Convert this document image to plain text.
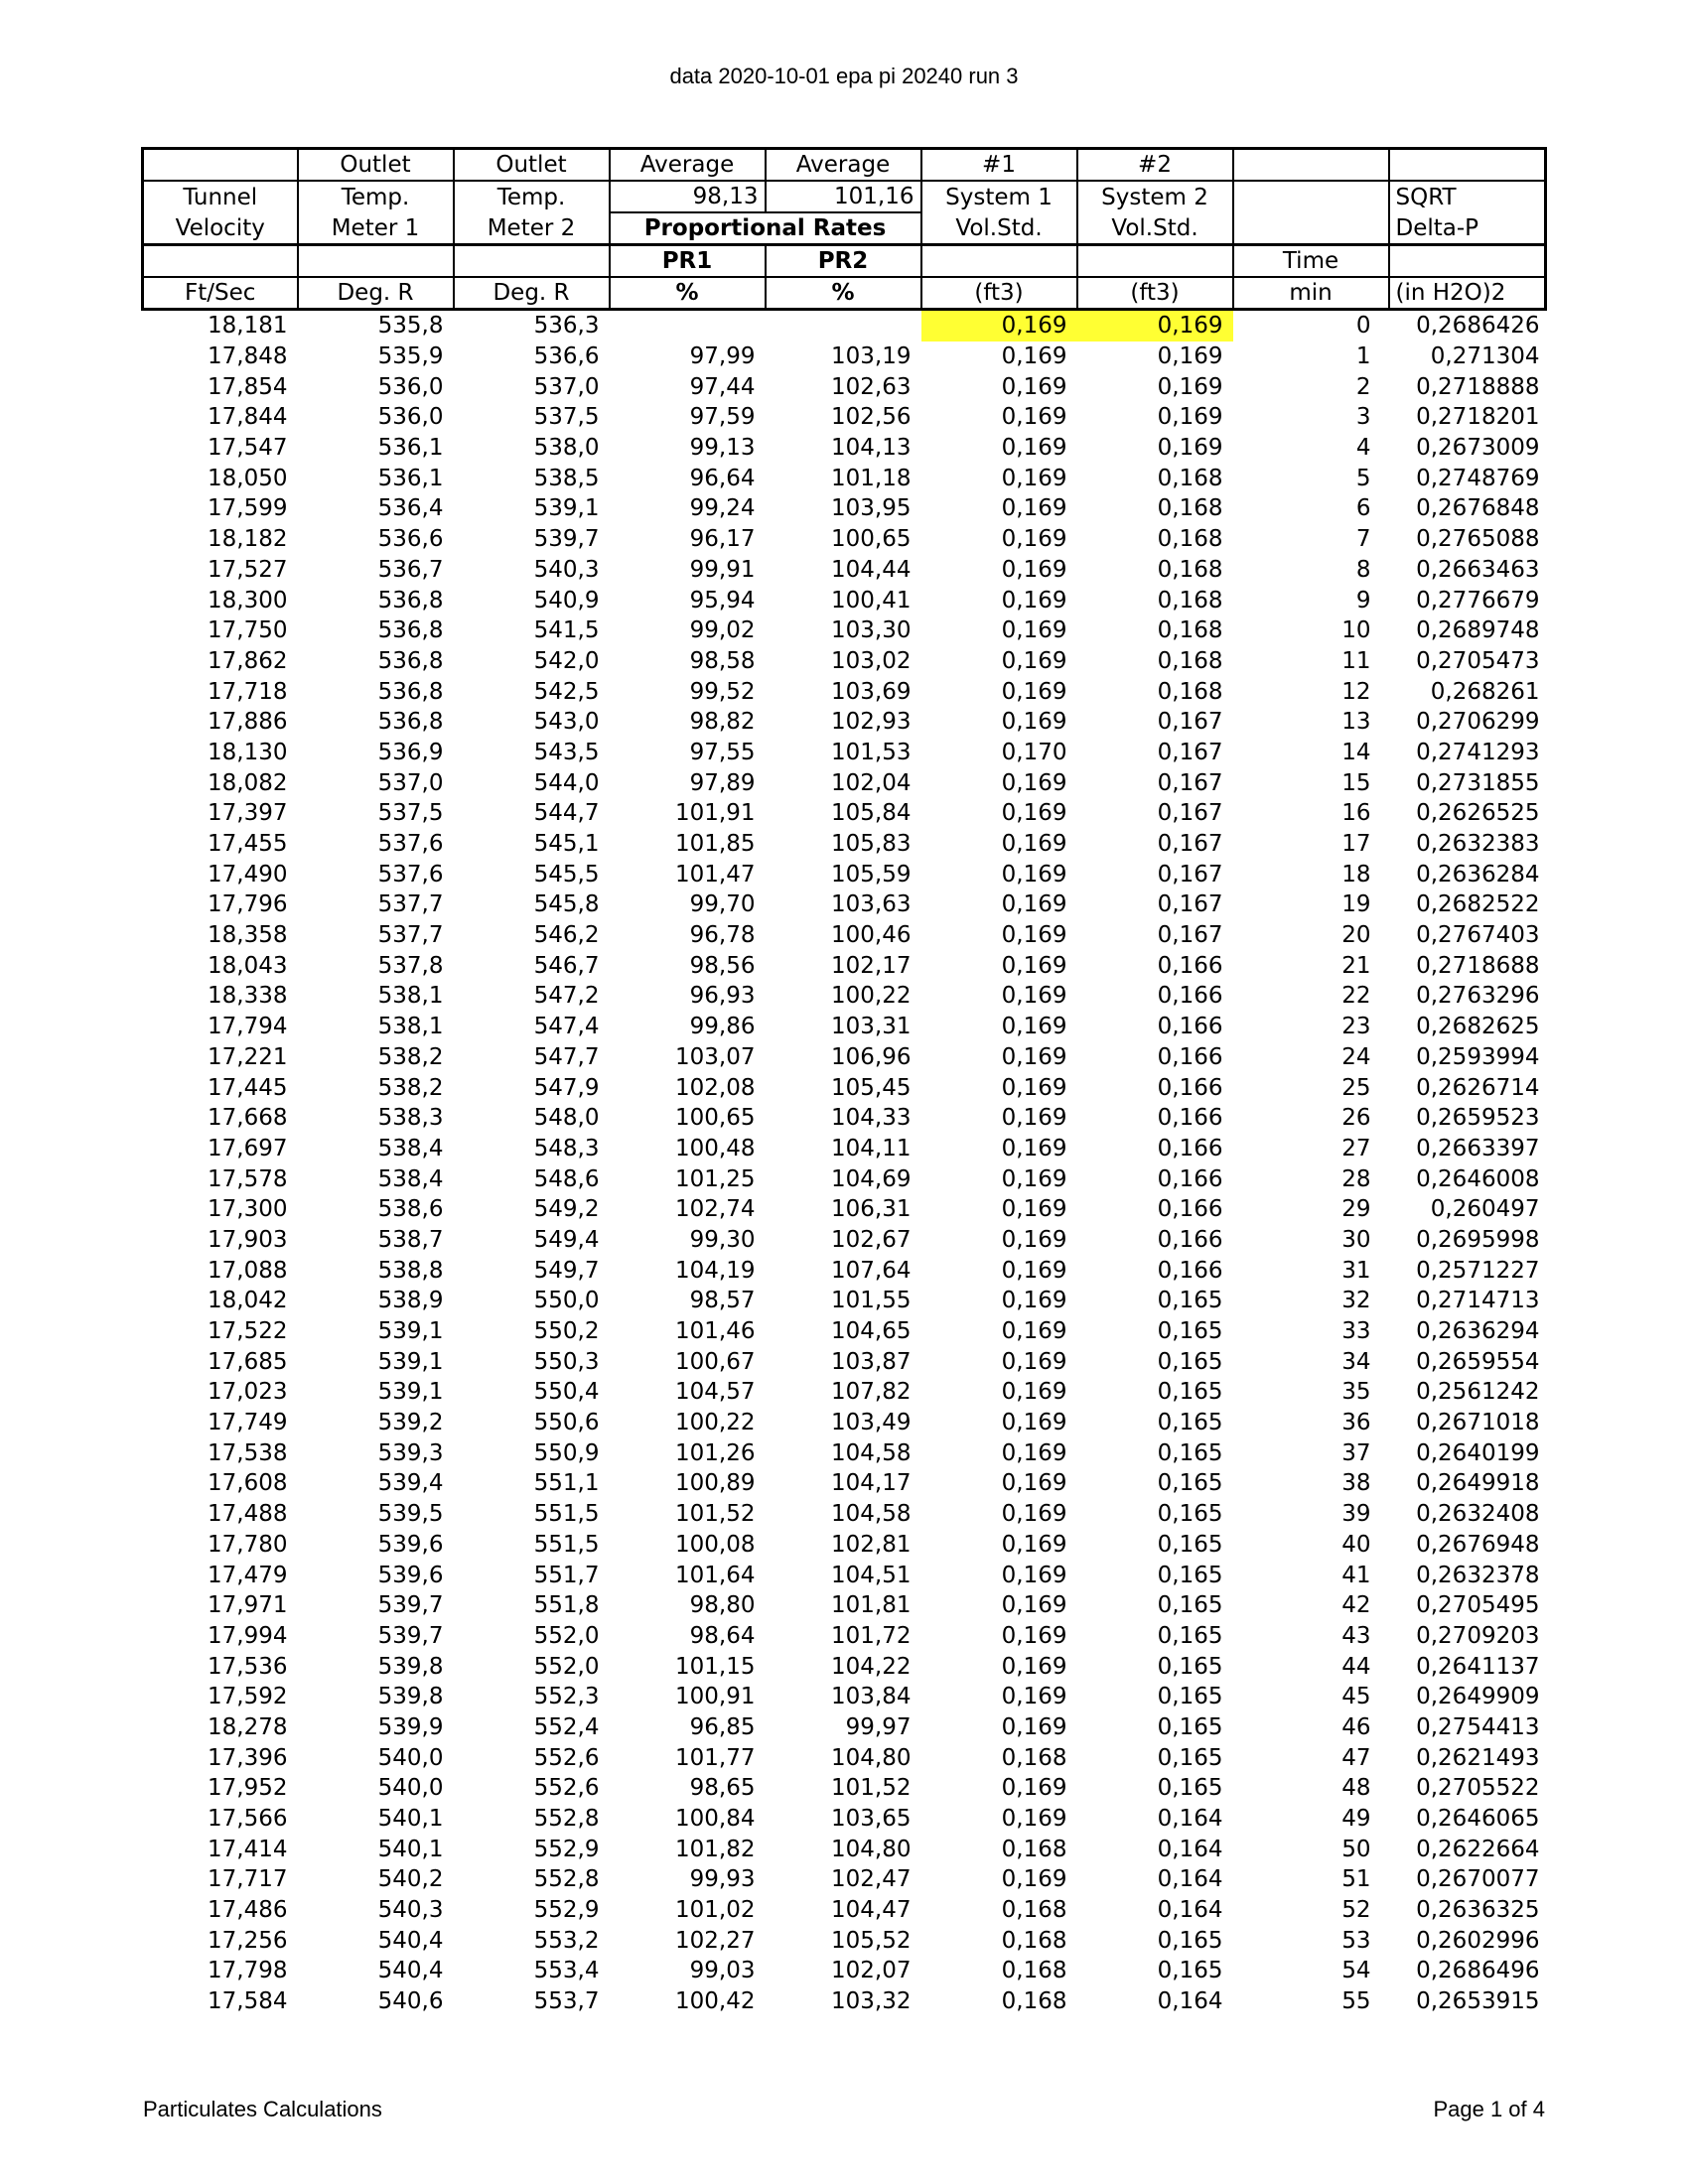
data 2020-10-01 epa pi 20240 run 3
	Outlet	Outlet	Average	Average	#1	#2		
Tunnel	Temp.	Temp.	98,13	101,16	System 1	System 2		SQRT
Velocity	Meter 1	Meter 2	Proportional Rates		Vol.Std.	Vol.Std.		Delta-P
			PR1	PR2			Time	
Ft/Sec	Deg. R	Deg. R	%	%	(ft3)	(ft3)	min	(in H2O)2
18,181	535,8	536,3			0,169	0,169	0	0,2686426
17,848	535,9	536,6	97,99	103,19	0,169	0,169	1	0,271304
17,854	536,0	537,0	97,44	102,63	0,169	0,169	2	0,2718888
17,844	536,0	537,5	97,59	102,56	0,169	0,169	3	0,2718201
17,547	536,1	538,0	99,13	104,13	0,169	0,169	4	0,2673009
18,050	536,1	538,5	96,64	101,18	0,169	0,168	5	0,2748769
17,599	536,4	539,1	99,24	103,95	0,169	0,168	6	0,2676848
18,182	536,6	539,7	96,17	100,65	0,169	0,168	7	0,2765088
17,527	536,7	540,3	99,91	104,44	0,169	0,168	8	0,2663463
18,300	536,8	540,9	95,94	100,41	0,169	0,168	9	0,2776679
17,750	536,8	541,5	99,02	103,30	0,169	0,168	10	0,2689748
17,862	536,8	542,0	98,58	103,02	0,169	0,168	11	0,2705473
17,718	536,8	542,5	99,52	103,69	0,169	0,168	12	0,268261
17,886	536,8	543,0	98,82	102,93	0,169	0,167	13	0,2706299
18,130	536,9	543,5	97,55	101,53	0,170	0,167	14	0,2741293
18,082	537,0	544,0	97,89	102,04	0,169	0,167	15	0,2731855
17,397	537,5	544,7	101,91	105,84	0,169	0,167	16	0,2626525
17,455	537,6	545,1	101,85	105,83	0,169	0,167	17	0,2632383
17,490	537,6	545,5	101,47	105,59	0,169	0,167	18	0,2636284
17,796	537,7	545,8	99,70	103,63	0,169	0,167	19	0,2682522
18,358	537,7	546,2	96,78	100,46	0,169	0,167	20	0,2767403
18,043	537,8	546,7	98,56	102,17	0,169	0,166	21	0,2718688
18,338	538,1	547,2	96,93	100,22	0,169	0,166	22	0,2763296
17,794	538,1	547,4	99,86	103,31	0,169	0,166	23	0,2682625
17,221	538,2	547,7	103,07	106,96	0,169	0,166	24	0,2593994
17,445	538,2	547,9	102,08	105,45	0,169	0,166	25	0,2626714
17,668	538,3	548,0	100,65	104,33	0,169	0,166	26	0,2659523
17,697	538,4	548,3	100,48	104,11	0,169	0,166	27	0,2663397
17,578	538,4	548,6	101,25	104,69	0,169	0,166	28	0,2646008
17,300	538,6	549,2	102,74	106,31	0,169	0,166	29	0,260497
17,903	538,7	549,4	99,30	102,67	0,169	0,166	30	0,2695998
17,088	538,8	549,7	104,19	107,64	0,169	0,166	31	0,2571227
18,042	538,9	550,0	98,57	101,55	0,169	0,165	32	0,2714713
17,522	539,1	550,2	101,46	104,65	0,169	0,165	33	0,2636294
17,685	539,1	550,3	100,67	103,87	0,169	0,165	34	0,2659554
17,023	539,1	550,4	104,57	107,82	0,169	0,165	35	0,2561242
17,749	539,2	550,6	100,22	103,49	0,169	0,165	36	0,2671018
17,538	539,3	550,9	101,26	104,58	0,169	0,165	37	0,2640199
17,608	539,4	551,1	100,89	104,17	0,169	0,165	38	0,2649918
17,488	539,5	551,5	101,52	104,58	0,169	0,165	39	0,2632408
17,780	539,6	551,5	100,08	102,81	0,169	0,165	40	0,2676948
17,479	539,6	551,7	101,64	104,51	0,169	0,165	41	0,2632378
17,971	539,7	551,8	98,80	101,81	0,169	0,165	42	0,2705495
17,994	539,7	552,0	98,64	101,72	0,169	0,165	43	0,2709203
17,536	539,8	552,0	101,15	104,22	0,169	0,165	44	0,2641137
17,592	539,8	552,3	100,91	103,84	0,169	0,165	45	0,2649909
18,278	539,9	552,4	96,85	99,97	0,169	0,165	46	0,2754413
17,396	540,0	552,6	101,77	104,80	0,168	0,165	47	0,2621493
17,952	540,0	552,6	98,65	101,52	0,169	0,165	48	0,2705522
17,566	540,1	552,8	100,84	103,65	0,169	0,164	49	0,2646065
17,414	540,1	552,9	101,82	104,80	0,168	0,164	50	0,2622664
17,717	540,2	552,8	99,93	102,47	0,169	0,164	51	0,2670077
17,486	540,3	552,9	101,02	104,47	0,168	0,164	52	0,2636325
17,256	540,4	553,2	102,27	105,52	0,168	0,165	53	0,2602996
17,798	540,4	553,4	99,03	102,07	0,168	0,165	54	0,2686496
17,584	540,6	553,7	100,42	103,32	0,168	0,164	55	0,2653915
Particulates Calculations	Page 1 of 4
